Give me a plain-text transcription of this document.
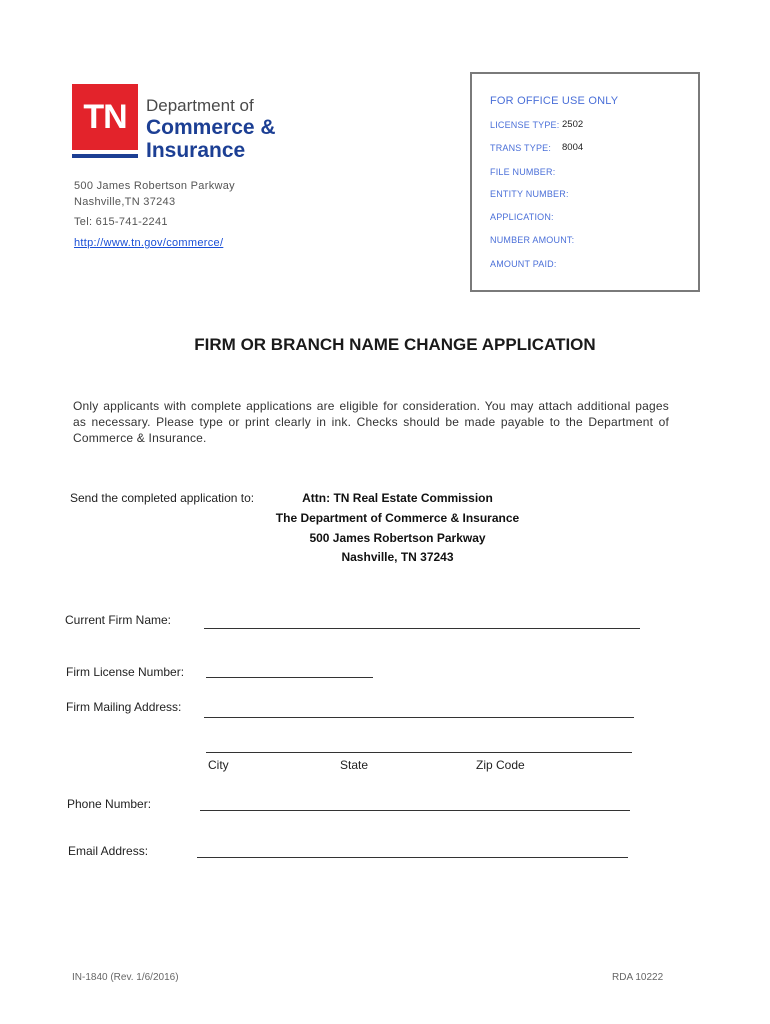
TN	Department of
Commerce &
Insurance
500 James Robertson Parkway
Nashville,TN 37243
Tel: 615-741-2241
http://www.tn.gov/commerce/
FOR OFFICE USE ONLY
LICENSE TYPE: 2502
TRANS TYPE: 8004
FILE NUMBER:
ENTITY NUMBER:
APPLICATION:
NUMBER AMOUNT:
AMOUNT PAID:
FIRM OR BRANCH NAME CHANGE APPLICATION
Only applicants with complete applications are eligible for consideration. You may attach additional pages as necessary. Please type or print clearly in ink. Checks should be made payable to the Department of Commerce & Insurance.
Send the completed application to:	Attn: TN Real Estate Commission
The Department of Commerce & Insurance
500 James Robertson Parkway
Nashville, TN 37243
Current Firm Name:
Firm License Number:
Firm Mailing Address:
City	State	Zip Code
Phone Number:
Email Address:
IN-1840 (Rev. 1/6/2016)	RDA 10222
